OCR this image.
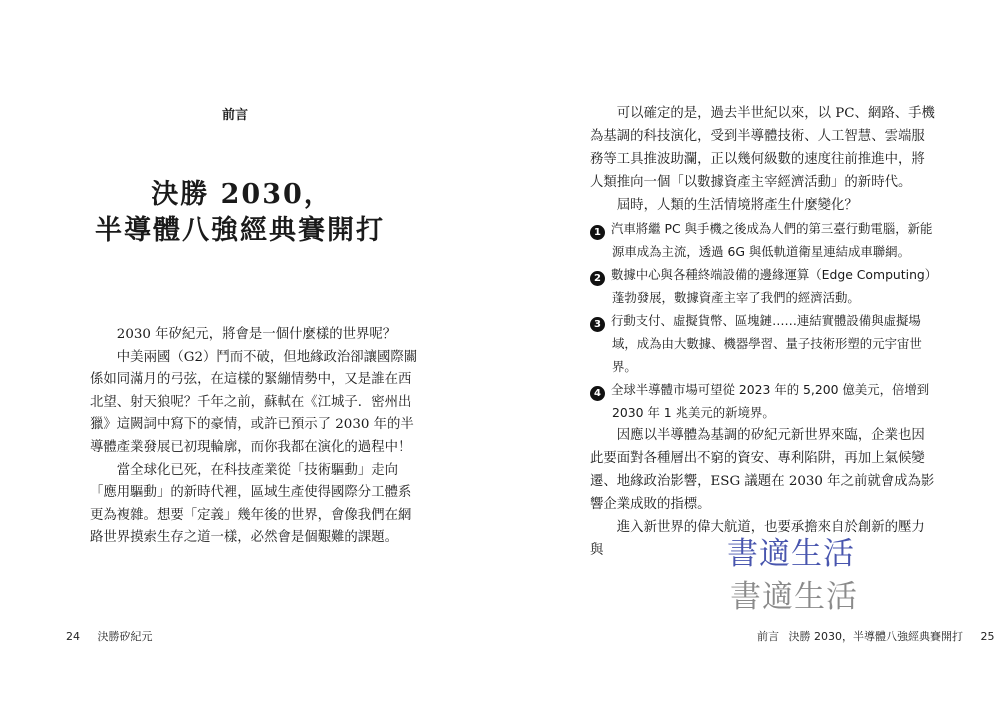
前言
決勝 2030，
半導體八強經典賽開打

2030 年矽紀元，將會是一個什麼樣的世界呢？

中美兩國（G2）鬥而不破，但地緣政治卻讓國際關係如同滿月的弓弦，在這樣的緊繃情勢中，又是誰在西北望、射天狼呢？千年之前，蘇軾在《江城子．密州出獵》這闕詞中寫下的豪情，或許已預示了 2030 年的半導體產業發展已初現輪廓，而你我都在演化的過程中！

當全球化已死，在科技產業從「技術驅動」走向「應用驅動」的新時代裡，區域生產使得國際分工體系更為複雜。想要「定義」幾年後的世界，會像我們在網路世界摸索生存之道一樣，必然會是個艱難的課題。

24 決勝矽紀元

可以確定的是，過去半世紀以來，以 PC、網路、手機為基調的科技演化，受到半導體技術、人工智慧、雲端服務等工具推波助瀾，正以幾何級數的速度往前推進中，將人類推向一個「以數據資產主宰經濟活動」的新時代。

屆時，人類的生活情境將產生什麼變化？

1 汽車將繼 PC 與手機之後成為人們的第三臺行動電腦，新能源車成為主流，透過 6G 與低軌道衛星連結成車聯網。

2 數據中心與各種終端設備的邊緣運算（Edge Computing）蓬勃發展，數據資產主宰了我們的經濟活動。

3 行動支付、虛擬貨幣、區塊鏈……連結實體設備與虛擬場域，成為由大數據、機器學習、量子技術形塑的元宇宙世界。

4 全球半導體市場可望從 2023 年的 5,200 億美元，倍增到 2030 年 1 兆美元的新境界。

因應以半導體為基調的矽紀元新世界來臨，企業也因此要面對各種層出不窮的資安、專利陷阱，再加上氣候變遷、地緣政治影響，ESG 議題在 2030 年之前就會成為影響企業成敗的指標。

進入新世界的偉大航道，也要承擔來自於創新的壓力與

前言 決勝 2030，半導體八強經典賽開打 25
書適生活
書適生活
